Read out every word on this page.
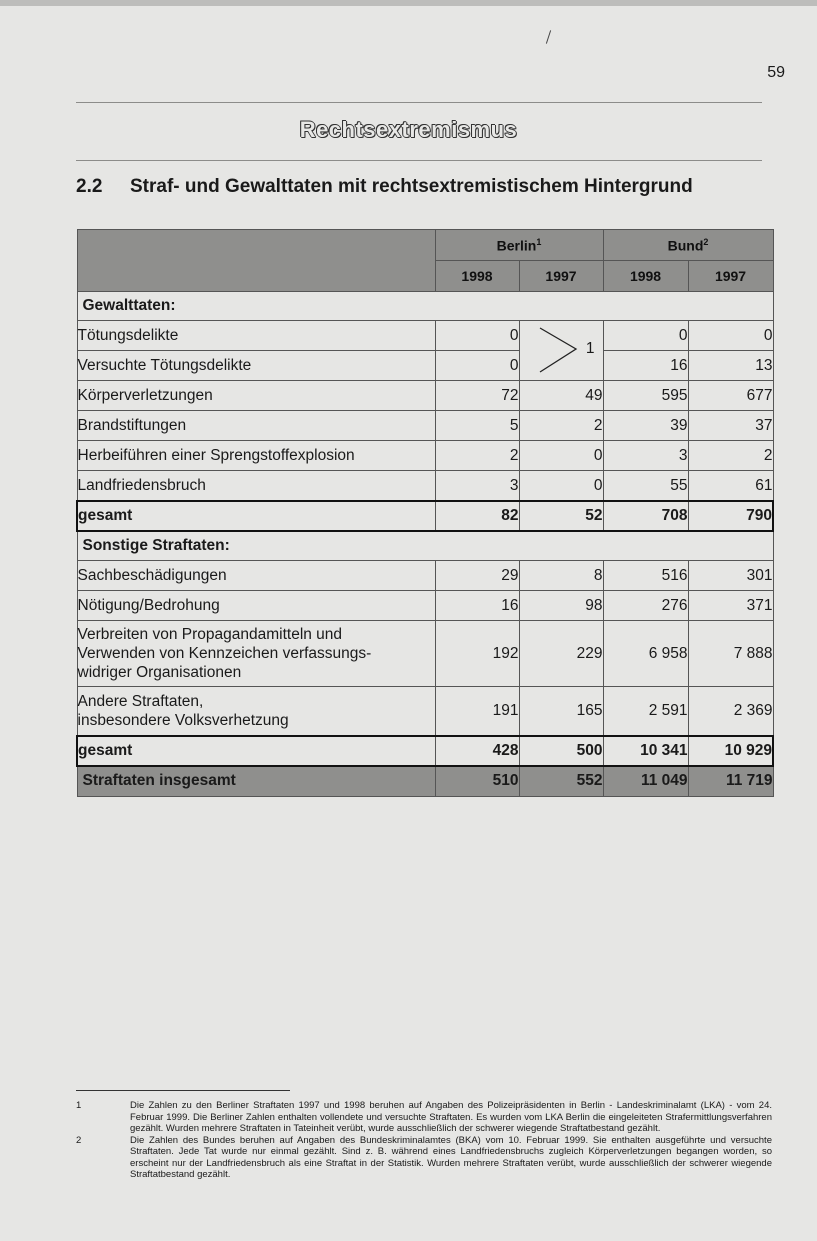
59
Rechtsextremismus
2.2 Straf- und Gewalttaten mit rechtsextremistischem Hintergrund
	Berlin$^1$		Bund$^2$
	1998	1997	1998	1997
Gewalttaten:				
Tötungsdelikte	0	1	0	0
Versuchte Tötungsdelikte	0		16	13
Körperverletzungen	72	49	595	677
Brandstiftungen	5	2	39	37
Herbeiführen einer Sprengstoffexplosion	2	0	3	2
Landfriedensbruch	3	0	55	61
gesamt	82	52	708	790
Sonstige Straftaten:				
Sachbeschädigungen	29	8	516	301
Nötigung/Bedrohung	16	98	276	371

Verbreiten von Propagandamitteln und
Verwenden von Kennzeichen verfassungs-
widriger Organisationen	192	229	6 958	7 888

Andere Straftaten,
insbesondere Volksverhetzung	191	165	2 591	2 369
gesamt	428	500	10 341	10 929
Straftaten insgesamt	510	552	11 049	11 719
1	Die Zahlen zu den Berliner Straftaten 1997 und 1998 beruhen auf Angaben des Polizeipräsidenten in Berlin - Landeskriminalamt (LKA) - vom 24. Februar 1999. Die Berliner Zahlen enthalten vollendete und versuchte Straftaten. Es wurden vom LKA Berlin die eingeleiteten Strafermittlungsverfahren gezählt. Wurden mehrere Straftaten in Tateinheit verübt, wurde ausschließlich der schwerer wiegende Straftatbestand gezählt.
2	Die Zahlen des Bundes beruhen auf Angaben des Bundeskriminalamtes (BKA) vom 10. Februar 1999. Sie enthalten ausgeführte und versuchte Straftaten. Jede Tat wurde nur einmal gezählt. Sind z. B. während eines Landfriedensbruchs zugleich Körperverletzungen begangen worden, so erscheint nur der Landfriedensbruch als eine Straftat in der Statistik. Wurden mehrere Straftaten verübt, wurde ausschließlich der schwerer wiegende Straftatbestand gezählt.
